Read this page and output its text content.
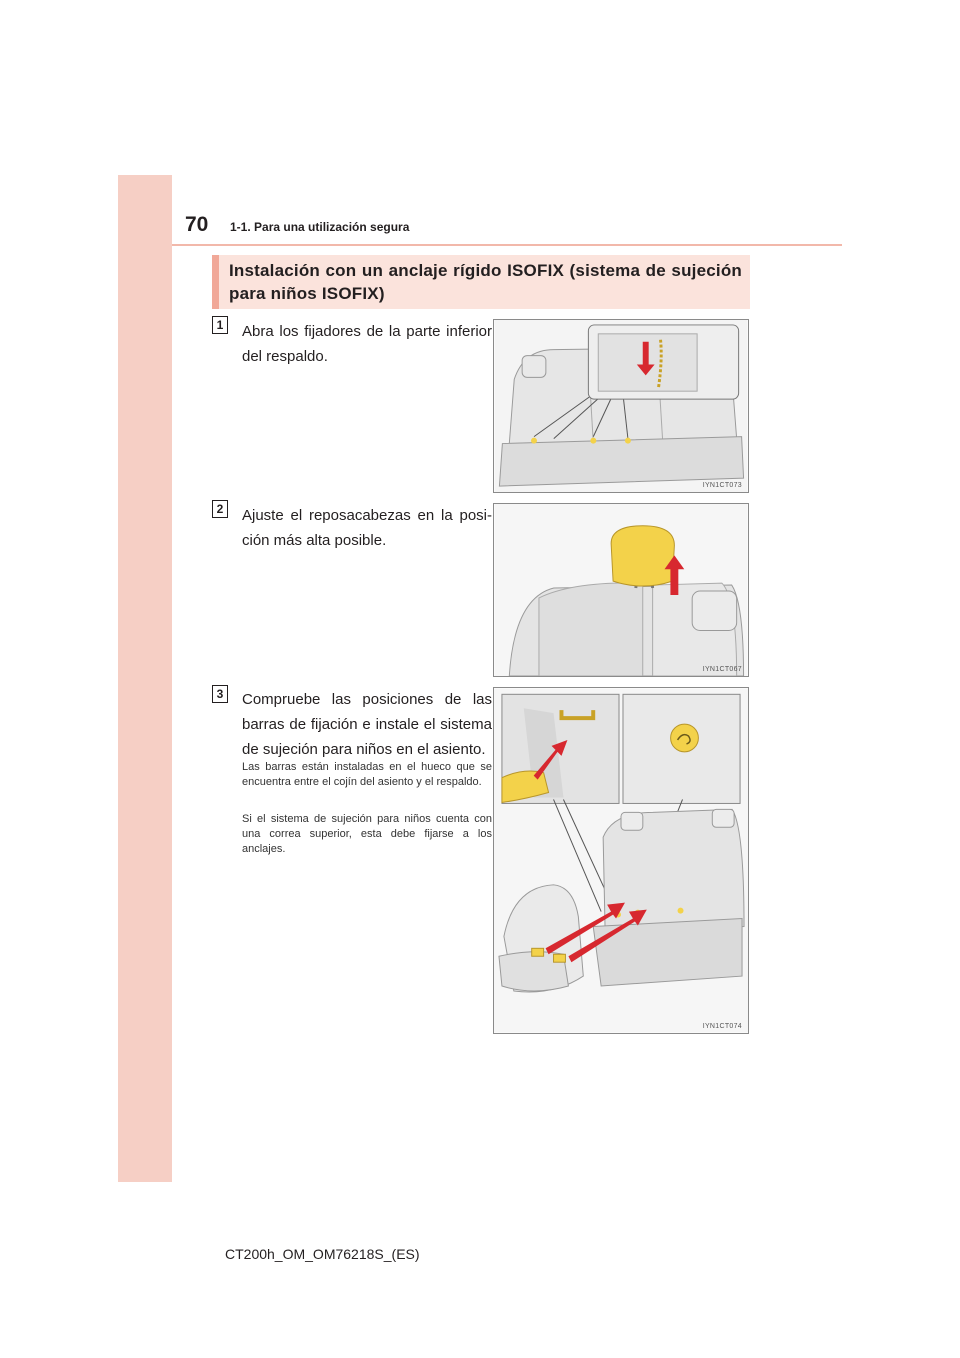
70 1-1. Para una utilización segura
Instalación con un anclaje rígido ISOFIX (sistema de sujeción para niños ISOFIX)
1	Abra los fijadores de la parte inferior del respaldo.
IYN1CT073
2	Ajuste el reposacabezas en la posi-ción más alta posible.
IYN1CT067
3	Compruebe las posiciones de las barras de fijación e instale el sistema de sujeción para niños en el asiento.
Las barras están instaladas en el hueco que se encuentra entre el cojín del asiento y el respaldo.
Si el sistema de sujeción para niños cuenta con una correa superior, esta debe fijarse a los anclajes.
IYN1CT074
CT200h_OM_OM76218S_(ES)
